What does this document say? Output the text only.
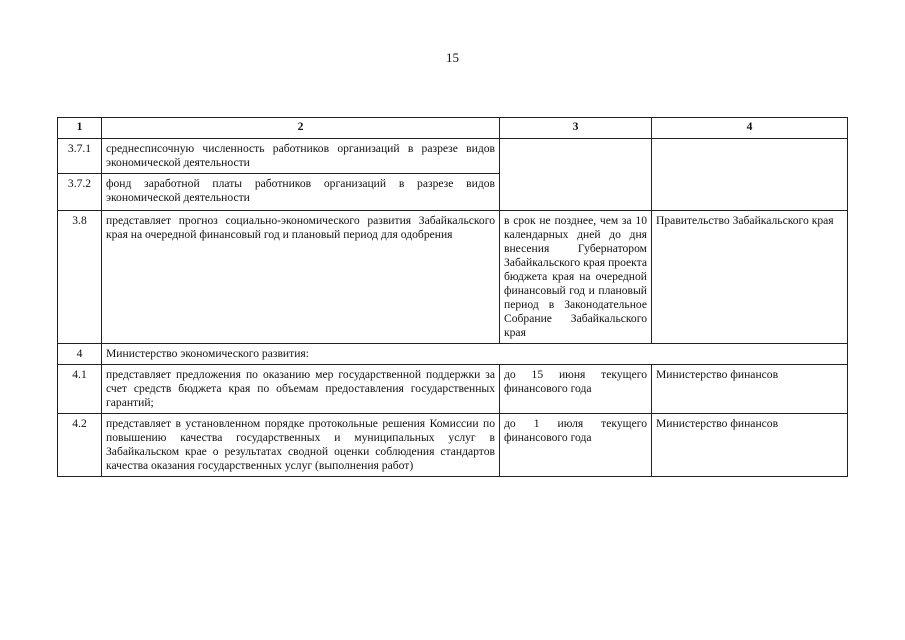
15
1	2	3	4
3.7.1	среднесписочную численность работников организаций в разрезе видов экономической деятельности		
3.7.2	фонд заработной платы работников организаций в разрезе видов экономической деятельности		
3.8	представляет прогноз социально-экономического развития Забайкальского края на очередной финансовый год и плановый период для одобрения	в срок не позднее, чем за 10 календарных дней до дня внесения Губернатором Забайкальского края проекта бюджета края на очередной финансовый год и плановый период в Законодательное Собрание Забайкальского края	Правительство Забайкальского края
4	Министерство экономического развития:		
4.1	представляет предложения по оказанию мер государственной поддержки за счет средств бюджета края по объемам предоставления государственных гарантий;	до 15 июня текущего финансового года	Министерство финансов
4.2	представляет в установленном порядке протокольные решения Комиссии по повышению качества государственных и муниципальных услуг в Забайкальском крае о результатах сводной оценки соблюдения стандартов качества оказания государственных услуг (выполнения работ)	до 1 июля текущего финансового года	Министерство финансов
